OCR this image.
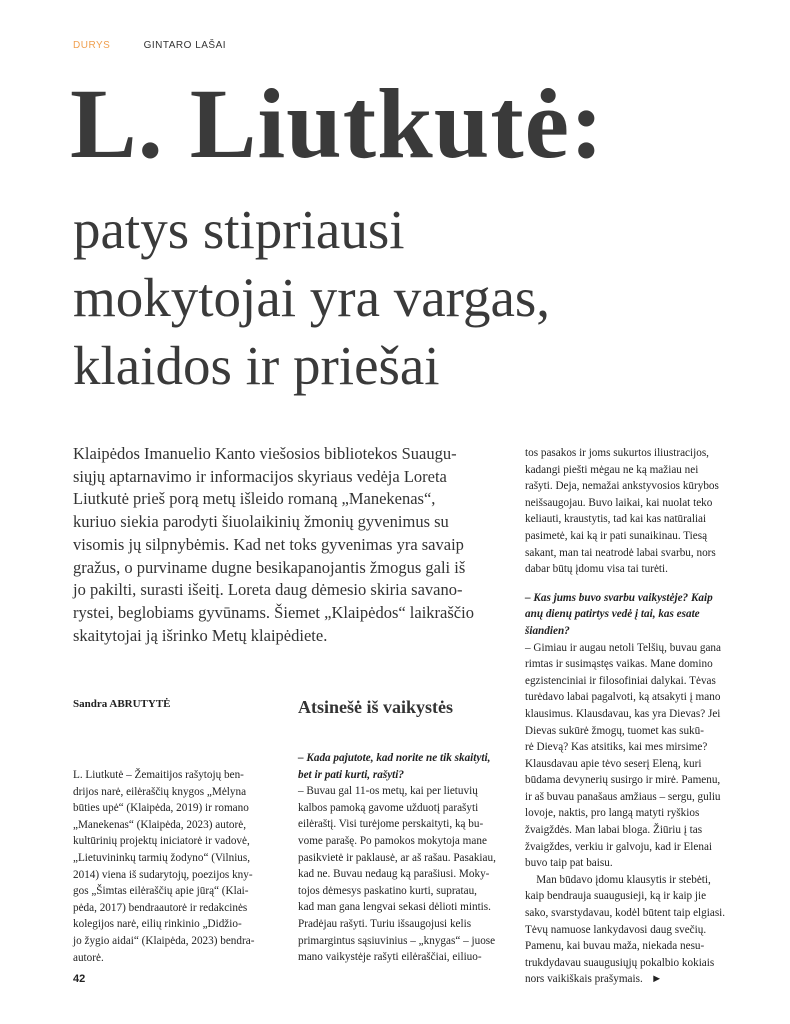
DURYS	GINTARO LAŠAI
L. Liutkutė:
patys stipriausi
mokytojai yra vargas,
klaidos ir priešai
Klaipėdos Imanuelio Kanto viešosios bibliotekos Suaugu-
siųjų aptarnavimo ir informacijos skyriaus vedėja Loreta
Liutkutė prieš porą metų išleido romaną „Manekenas“,
kuriuo siekia parodyti šiuolaikinių žmonių gyvenimus su
visomis jų silpnybėmis. Kad net toks gyvenimas yra savaip
gražus, o purviname dugne besikapanojantis žmogus gali iš
jo pakilti, surasti išeitį. Loreta daug dėmesio skiria savano-
rystei, beglobiams gyvūnams. Šiemet „Klaipėdos“ laikraščio
skaitytojai ją išrinko Metų klaipėdiete.
Sandra ABRUTYTĖ	Atsinešė iš vaikystės
L. Liutkutė – Žemaitijos rašytojų ben-
drijos narė, eilėraščių knygos „Mėlyna
būties upė“ (Klaipėda, 2019) ir romano
„Manekenas“ (Klaipėda, 2023) autorė,
kultūrinių projektų iniciatorė ir vadovė,
„Lietuvininkų tarmių žodyno“ (Vilnius,
2014) viena iš sudarytojų, poezijos kny-
gos „Šimtas eilėraščių apie jūrą“ (Klai-
pėda, 2017) bendraautorė ir redakcinės
kolegijos narė, eilių rinkinio „Didžio-
jo žygio aidai“ (Klaipėda, 2023) bendra-
autorė.
– Kada pajutote, kad norite ne tik skaityti,
bet ir pati kurti, rašyti?
– Buvau gal 11-os metų, kai per lietuvių
kalbos pamoką gavome užduotį parašyti
eilėraštį. Visi turėjome perskaityti, ką bu-
vome parašę. Po pamokos mokytoja mane
pasikvietė ir paklausė, ar aš rašau. Pasakiau,
kad ne. Buvau nedaug ką parašiusi. Moky-
tojos dėmesys paskatino kurti, supratau,
kad man gana lengvai sekasi dėlioti mintis.
Pradėjau rašyti. Turiu išsaugojusi kelis
primargintus sąsiuvinius – „knygas“ – juose
mano vaikystėje rašyti eilėraščiai, eiliuo-
tos pasakos ir joms sukurtos iliustracijos,
kadangi piešti mėgau ne ką mažiau nei
rašyti. Deja, nemažai ankstyvosios kūrybos
neišsaugojau. Buvo laikai, kai nuolat teko
keliauti, kraustytis, tad kai kas natūraliai
pasimetė, kai ką ir pati sunaikinau. Tiesą
sakant, man tai neatrodė labai svarbu, nors
dabar būtų įdomu visa tai turėti.
– Kas jums buvo svarbu vaikystėje? Kaip
anų dienų patirtys vedė į tai, kas esate
šiandien?
– Gimiau ir augau netoli Telšių, buvau gana
rimtas ir susimąstęs vaikas. Mane domino
egzistenciniai ir filosofiniai dalykai. Tėvas
turėdavo labai pagalvoti, ką atsakyti į mano
klausimus. Klausdavau, kas yra Dievas? Jei
Dievas sukūrė žmogų, tuomet kas sukū-
rė Dievą? Kas atsitiks, kai mes mirsime?
Klausdavau apie tėvo seserį Eleną, kuri
būdama devynerių susirgo ir mirė. Pamenu,
ir aš buvau panašaus amžiaus – sergu, guliu
lovoje, naktis, pro langą matyti ryškios
žvaigždės. Man labai bloga. Žiūriu į tas
žvaigždes, verkiu ir galvoju, kad ir Elenai
buvo taip pat baisu.
Man būdavo įdomu klausytis ir stebėti,
kaip bendrauja suaugusieji, ką ir kaip jie
sako, svarstydavau, kodėl būtent taip elgiasi.
Tėvų namuose lankydavosi daug svečių.
Pamenu, kai buvau maža, niekada nesu-
trukdydavau suaugusiųjų pokalbio kokiais
nors vaikiškais prašymais.   ►
42
